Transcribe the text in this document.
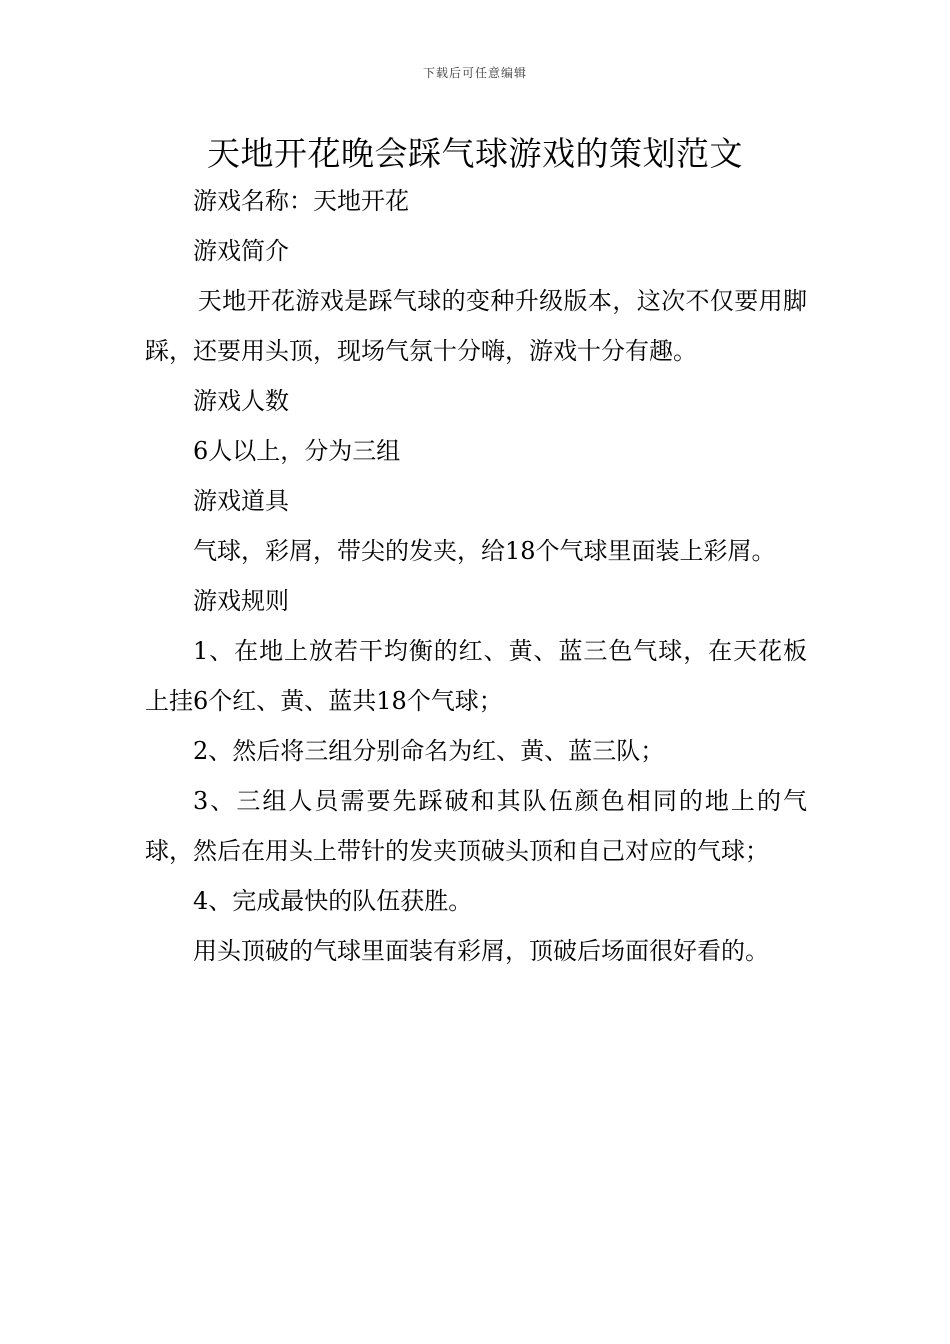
下载后可任意编辑
天地开花晚会踩气球游戏的策划范文

游戏名称：天地开花

游戏简介

天地开花游戏是踩气球的变种升级版本，这次不仅要用脚踩，还要用头顶，现场气氛十分嗨，游戏十分有趣。

游戏人数

6人以上，分为三组

游戏道具

气球，彩屑，带尖的发夹，给18个气球里面装上彩屑。

游戏规则

1、在地上放若干均衡的红、黄、蓝三色气球，在天花板上挂6个红、黄、蓝共18个气球；

2、然后将三组分别命名为红、黄、蓝三队；

3、三组人员需要先踩破和其队伍颜色相同的地上的气球，然后在用头上带针的发夹顶破头顶和自己对应的气球；

4、完成最快的队伍获胜。

用头顶破的气球里面装有彩屑，顶破后场面很好看的。
